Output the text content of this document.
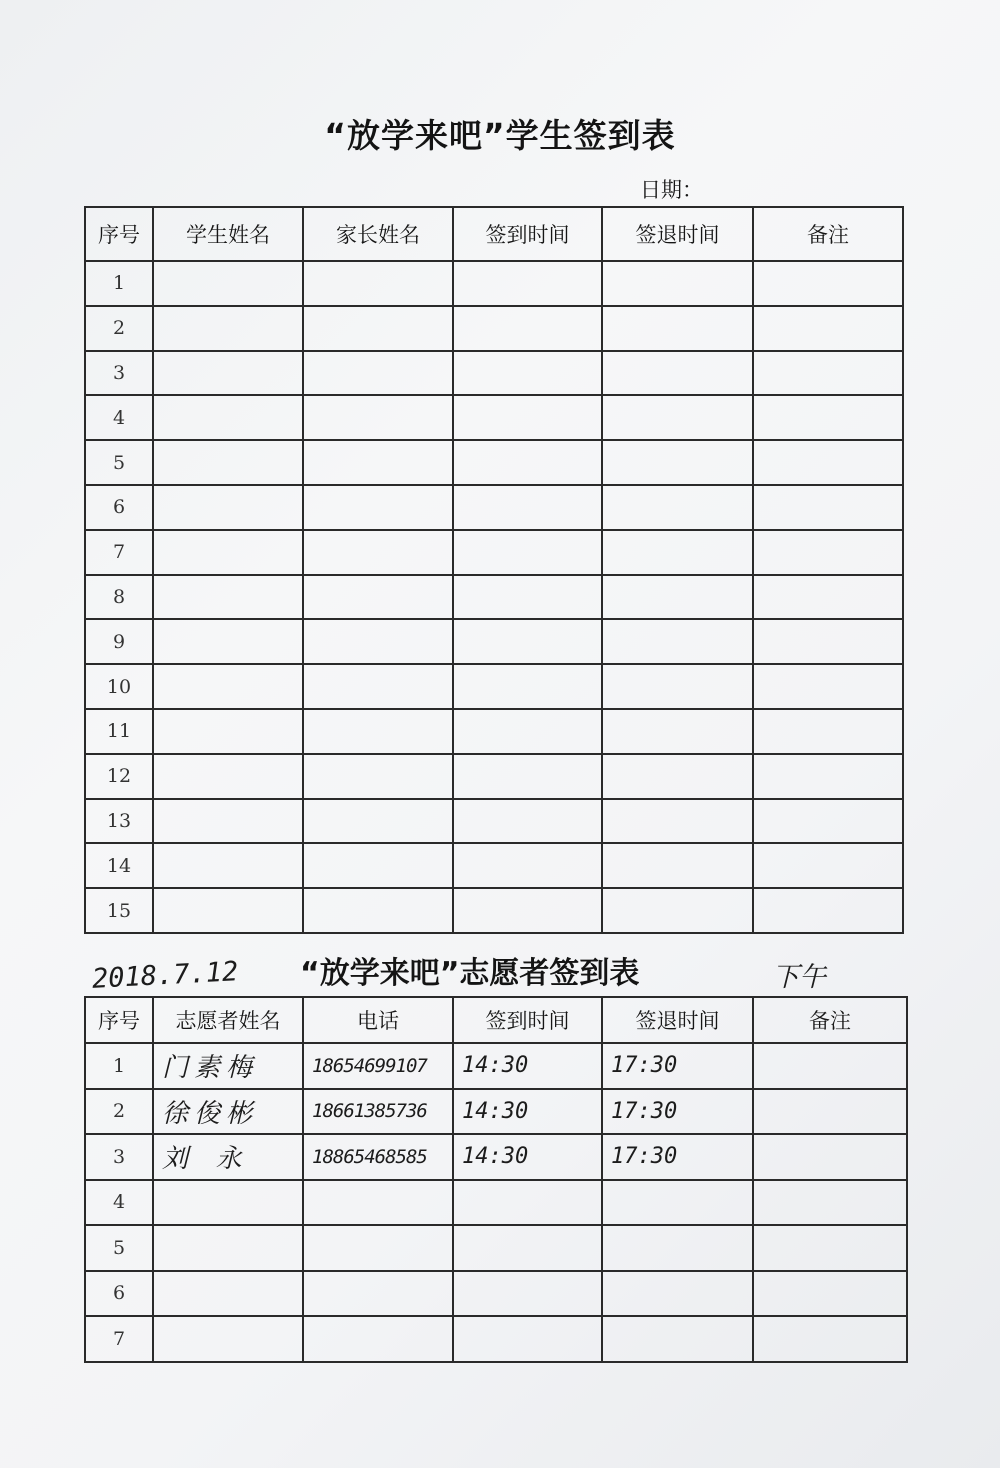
“放学来吧”学生签到表
日期：
序号	学生姓名	家长姓名	签到时间	签退时间	备注
1					
2					
3					
4					
5					
6					
7					
8					
9					
10					
11					
12					
13					
14					
15					
2018.7.12 “放学来吧”志愿者签到表	下午
序号	志愿者姓名	电话	签到时间	签退时间	备注
1	门素梅	18654699107	14:30	17:30	
2	徐俊彬	18661385736	14:30	17:30	
3	刘 永	18865468585	14:30	17:30	
4					
5					
6					
7					
